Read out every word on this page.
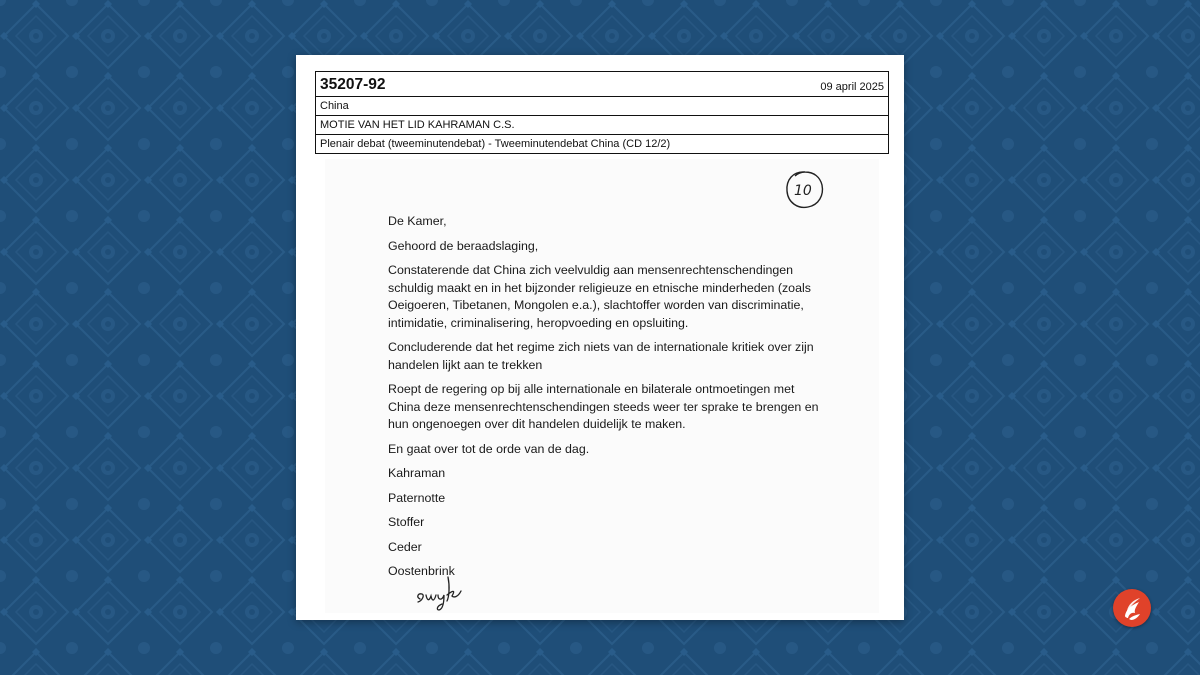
35207-92	09 april 2025
China
MOTIE VAN HET LID KAHRAMAN C.S.
Plenair debat (tweeminutendebat) - Tweeminutendebat China (CD 12/2)

De Kamer,

Gehoord de beraadslaging,

Constaterende dat China zich veelvuldig aan mensenrechtenschendingen schuldig maakt en in het bijzonder religieuze en etnische minderheden (zoals Oeigoeren, Tibetanen, Mongolen e.a.), slachtoffer worden van discriminatie, intimidatie, criminalisering, heropvoeding en opsluiting.

Concluderende dat het regime zich niets van de internationale kritiek over zijn handelen lijkt aan te trekken

Roept de regering op bij alle internationale en bilaterale ontmoetingen met China deze mensenrechtenschendingen steeds weer ter sprake te brengen en hun ongenoegen over dit handelen duidelijk te maken.

En gaat over tot de orde van de dag.

Kahraman
Paternotte
Stoffer
Ceder
Oostenbrink
10
